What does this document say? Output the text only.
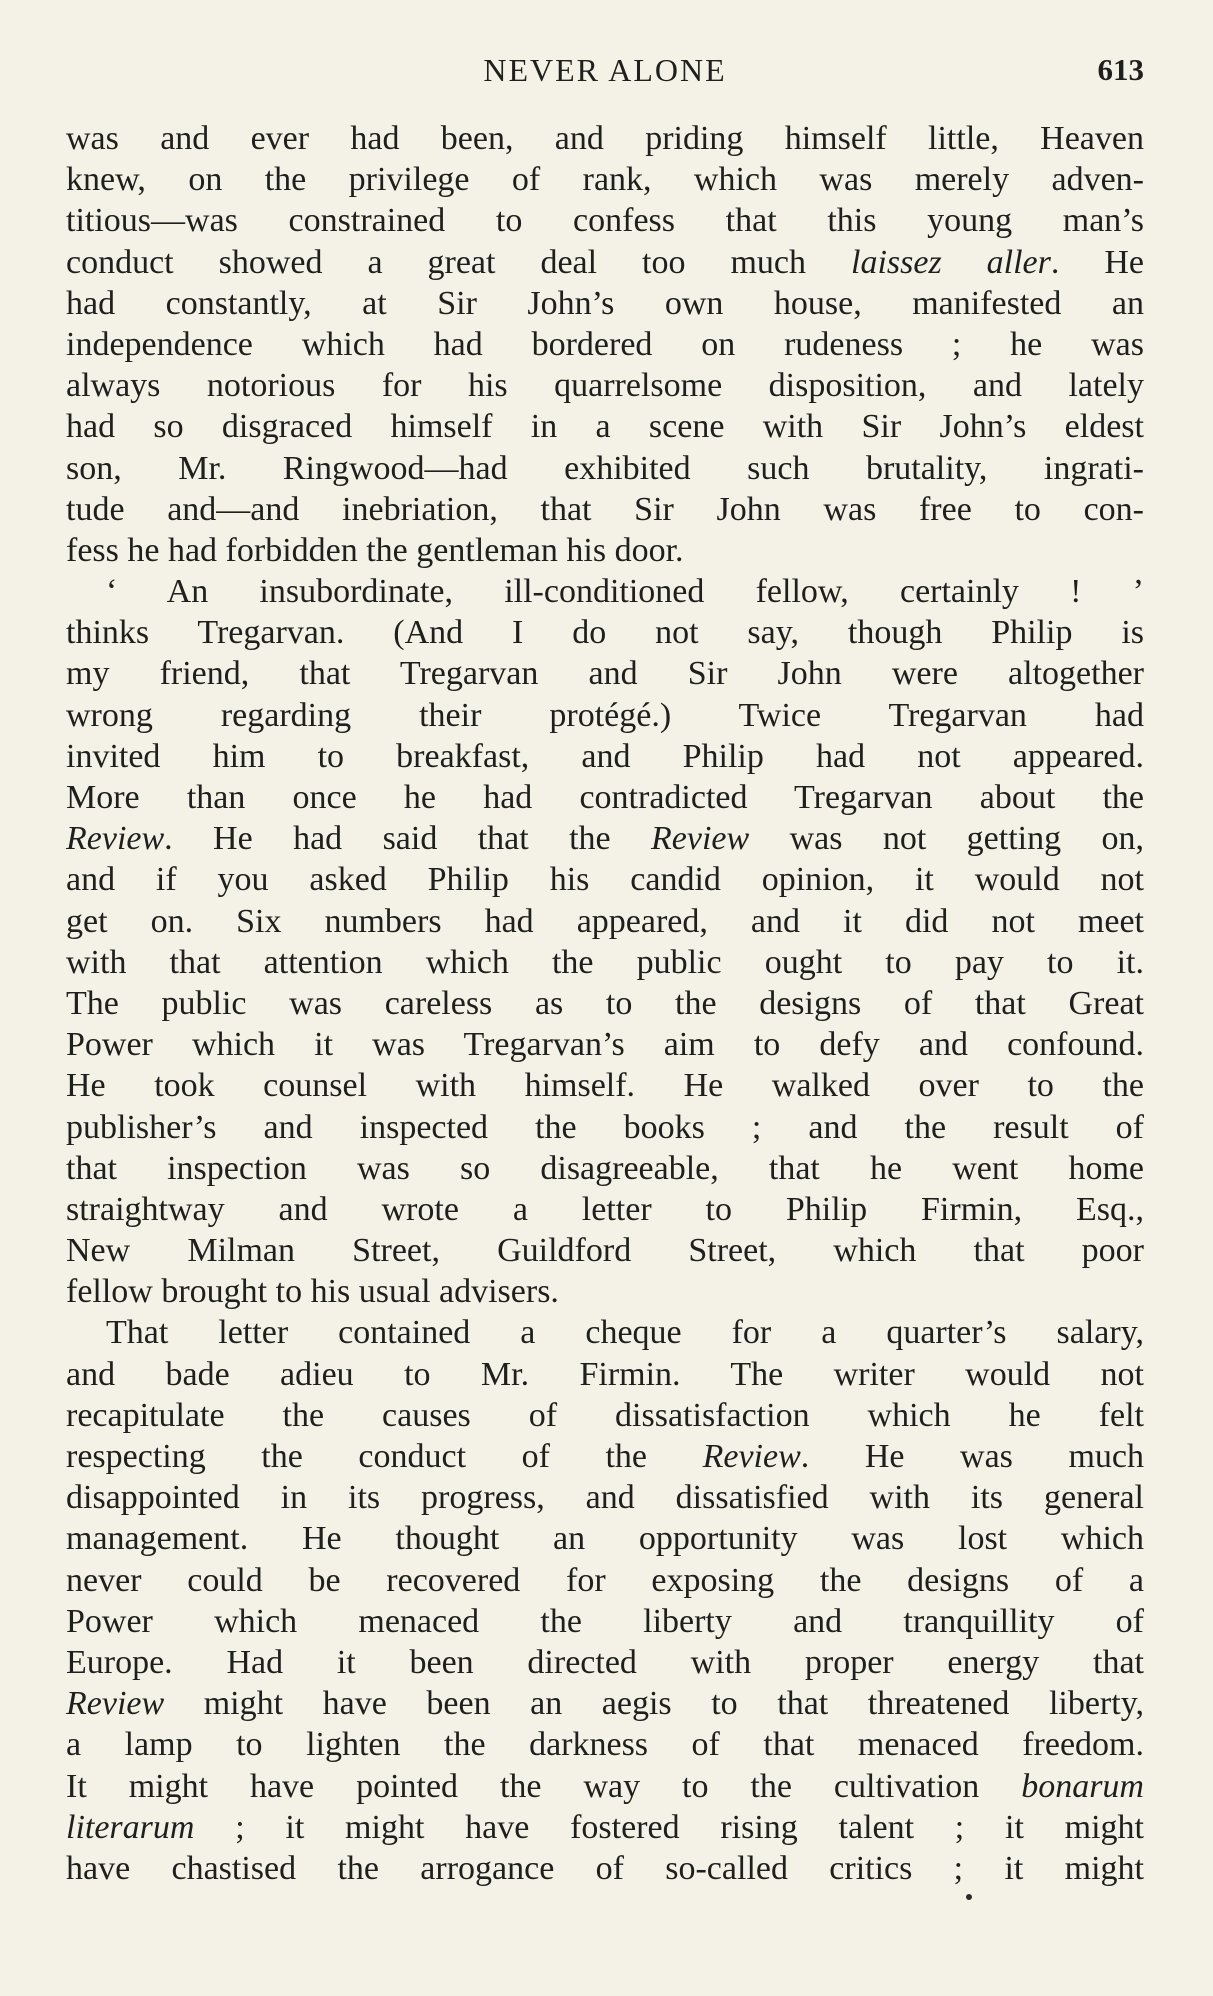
NEVER ALONE	613
was and ever had been, and priding himself little, Heaven
knew, on the privilege of rank, which was merely adven-
titious—was constrained to confess that this young man’s
conduct showed a great deal too much laissez aller. He
had constantly, at Sir John’s own house, manifested an
independence which had bordered on rudeness ; he was
always notorious for his quarrelsome disposition, and lately
had so disgraced himself in a scene with Sir John’s eldest
son, Mr. Ringwood—had exhibited such brutality, ingrati-
tude and—and inebriation, that Sir John was free to con-
fess he had forbidden the gentleman his door.
‘ An insubordinate, ill-conditioned fellow, certainly ! ’
thinks Tregarvan. (And I do not say, though Philip is
my friend, that Tregarvan and Sir John were altogether
wrong regarding their protégé.) Twice Tregarvan had
invited him to breakfast, and Philip had not appeared.
More than once he had contradicted Tregarvan about the
Review. He had said that the Review was not getting on,
and if you asked Philip his candid opinion, it would not
get on. Six numbers had appeared, and it did not meet
with that attention which the public ought to pay to it.
The public was careless as to the designs of that Great
Power which it was Tregarvan’s aim to defy and confound.
He took counsel with himself. He walked over to the
publisher’s and inspected the books ; and the result of
that inspection was so disagreeable, that he went home
straightway and wrote a letter to Philip Firmin, Esq.,
New Milman Street, Guildford Street, which that poor
fellow brought to his usual advisers.
That letter contained a cheque for a quarter’s salary,
and bade adieu to Mr. Firmin. The writer would not
recapitulate the causes of dissatisfaction which he felt
respecting the conduct of the Review. He was much
disappointed in its progress, and dissatisfied with its general
management. He thought an opportunity was lost which
never could be recovered for exposing the designs of a
Power which menaced the liberty and tranquillity of
Europe. Had it been directed with proper energy that
Review might have been an aegis to that threatened liberty,
a lamp to lighten the darkness of that menaced freedom.
It might have pointed the way to the cultivation bonarum
literarum ; it might have fostered rising talent ; it might
have chastised the arrogance of so-called critics ; it might
